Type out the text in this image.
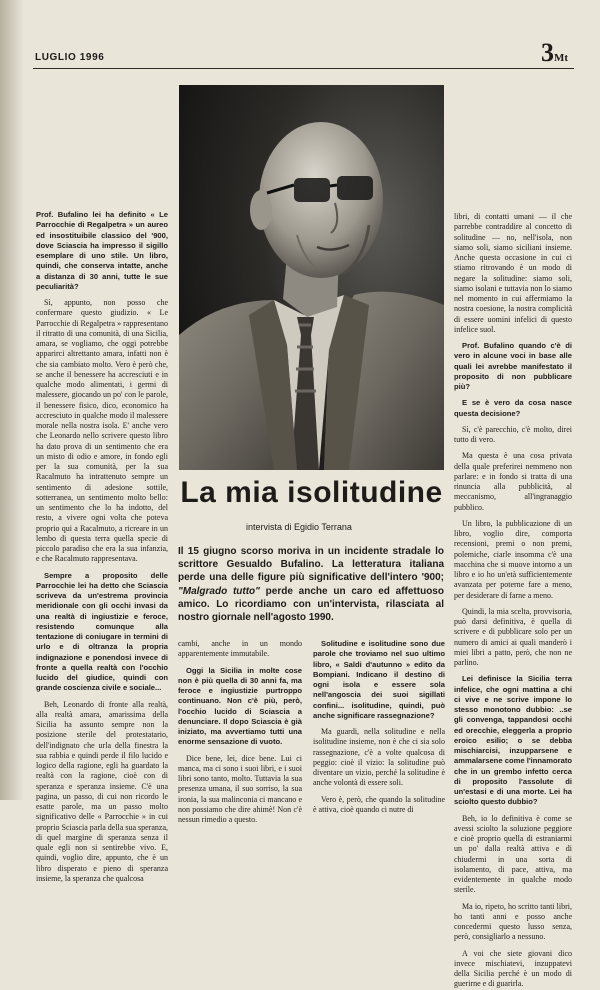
LUGLIO 1996	3Mt
La mia isolitudine
intervista di Egidio Terrana
Il 15 giugno scorso moriva in un incidente stradale lo scrittore Gesualdo Bufalino. La letteratura italiana perde una delle figure più significative dell'intero '900; "Malgrado tutto" perde anche un caro ed affettuoso amico. Lo ricordiamo con un'intervista, rilasciata al nostro giornale nell'agosto 1990.

Prof. Bufalino lei ha definito « Le Parrocchie di Regalpetra » un aureo ed insostituibile classico del '900, dove Sciascia ha impresso il sigillo esemplare di uno stile. Un libro, quindi, che conserva intatte, anche a distanza di 30 anni, tutte le sue peculiarità?

Sì, appunto, non posso che confermare questo giudizio. « Le Parrocchie di Regalpetra » rappresentano il ritratto di una comunità, di una Sicilia, amara, se vogliamo, che oggi potrebbe apparirci altrettanto amara, infatti non è che sia cambiato molto. Vero è però che, se anche il benessere ha accresciuti e in qualche modo alimentati, i germi di malessere, giocando un po' con le parole, il benessere fisico, dico, economico ha accresciuto in qualche modo il malessere morale nella nostra isola. E' anche vero che Leonardo nello scrivere questo libro ha dato prova di un sentimento che era un misto di odio e amore, in fondo egli per la sua comunità, per la sua Racalmuto ha intrattenuto sempre un sentimento di adesione sottile, sotterranea, un sentimento molto bello: un sentimento che lo ha indotto, del resto, a vivere ogni volta che poteva proprio qui a Racalmuto, a ricreare in un lembo di questa terra quella specie di piccolo paradiso che era la sua infanzia, e che Racalmuto rappresentava.

Sempre a proposito delle Parrocchie lei ha detto che Sciascia scriveva da un'estrema provincia meridionale con gli occhi invasi da una realtà di ingiustizie e feroce, resistendo comunque alla tentazione di coniugare in termini di urlo e di oltranza la propria indignazione e ponendosi invece di fronte a quella realtà con l'occhio lucido del giudice, quindi con grande coscienza civile e sociale...

Beh, Leonardo di fronte alla realtà, alla realtà amara, amarissima della Sicilia ha assunto sempre non la posizione sterile del protestatario, dell'indignato che urla della finestra la sua rabbia e quindi perde il filo lucido e logico della ragione, egli ha guardato la realtà con la ragione, cioè con di speranza e speranza insieme. C'è una pagina, un passo, di cui non ricordo le esatte parole, ma un passo molto significativo delle « Parrocchie » in cui proprio Sciascia parla della sua speranza, di quel margine di speranza senza il quale egli non si sentirebbe vivo. E, quindi, voglio dire, appunto, che è un libro disperato e pieno di speranza insieme, la speranza che qualcosa

cambi, anche in un mondo apparentemente immutabile.

Oggi la Sicilia in molte cose non è più quella di 30 anni fa, ma feroce e ingiustizie purtroppo continuano. Non c'è più, però, l'occhio lucido di Sciascia a denunciare. Il dopo Sciascia è già iniziato, ma avvertiamo tutti una enorme sensazione di vuoto.

Dice bene, lei, dice bene. Lui ci manca, ma ci sono i suoi libri, e i suoi libri sono tanto, molto. Tuttavia la sua presenza umana, il suo sorriso, la sua ironia, la sua malinconia ci mancano e non possiamo che dire ahimè! Non c'è nessun rimedio a questo.

Solitudine e isolitudine sono due parole che troviamo nel suo ultimo libro, « Saldi d'autunno » edito da Bompiani. Indicano il destino di ogni isola e essere sola nell'angoscia dei suoi sigillati confini... isolitudine, quindi, può anche significare rassegnazione?

Ma guardi, nella solitudine e nella isolitudine insieme, non è che ci sia solo rassegnazione, c'è a volte qualcosa di peggio: cioè il vizio: la solitudine può diventare un vizio, perché la solitudine è anche volontà di essere soli.

Vero è, però, che quando la solitudine è attiva, cioè quando ci nutre di

libri, di contatti umani — il che parrebbe contraddire al concetto di solitudine — no, nell'isola, non siamo soli, siamo siciliani insieme. Anche questa occasione in cui ci stiamo ritrovando è un modo di negare la solitudine: siamo soli, siamo isolani e tuttavia non lo siamo nel momento in cui affermiamo la nostra coesione, la nostra complicità di essere uomini infelici di questo infelice suol.

Prof. Bufalino quando c'è di vero in alcune voci in base alle quali lei avrebbe manifestato il proposito di non pubblicare più?

E se è vero da cosa nasce questa decisione?

Sì, c'è parecchio, c'è molto, direi tutto di vero.

Ma questa è una cosa privata della quale preferirei nemmeno non parlare: e in fondo si tratta di una rinuncia alla pubblicità, al meccanismo, all'ingranaggio pubblico.

Un libro, la pubblicazione di un libro, voglio dire, comporta recensioni, premi o non premi, polemiche, ciarle insomma c'è una macchina che si muove intorno a un libro e io ho un'età sufficientemente avanzata per poterne fare a meno, per desiderare di farne a meno.

Quindi, la mia scelta, provvisoria, può darsi definitiva, è quella di scrivere e di pubblicare solo per un numero di amici ai quali manderò i miei libri a patto, però, che non ne parlino.

Lei definisce la Sicilia terra infelice, che ogni mattina a chi ci vive e ne scrive impone lo stesso monotono dubbio: ..se gli convenga, tappandosi occhi ed orecchie, eleggerla a proprio eroico esilio; o se debba mischiarcisi, inzupparsene e ammalarsene come l'innamorato che in un grembo infetto cerca di proposito l'assolute di un'estasi e di una morte. Lei ha sciolto questo dubbio?

Beh, io lo definitiva è come se avessi sciolto la soluzione peggiore e cioè proprio quella di estraniarmi un po' dalla realtà attiva e di chiudermi in una sorta di isolamento, di pace, attiva, ma evidentemente in qualche modo sterile.

Ma io, ripeto, ho scritto tanti libri, ho tanti anni e posso anche concedermi questo lusso senza, però, consigliarlo a nessuno.

A voi che siete giovani dico invece mischiatevi, inzuppatevi della Sicilia perché è un modo di guerirne e di guarirla.
